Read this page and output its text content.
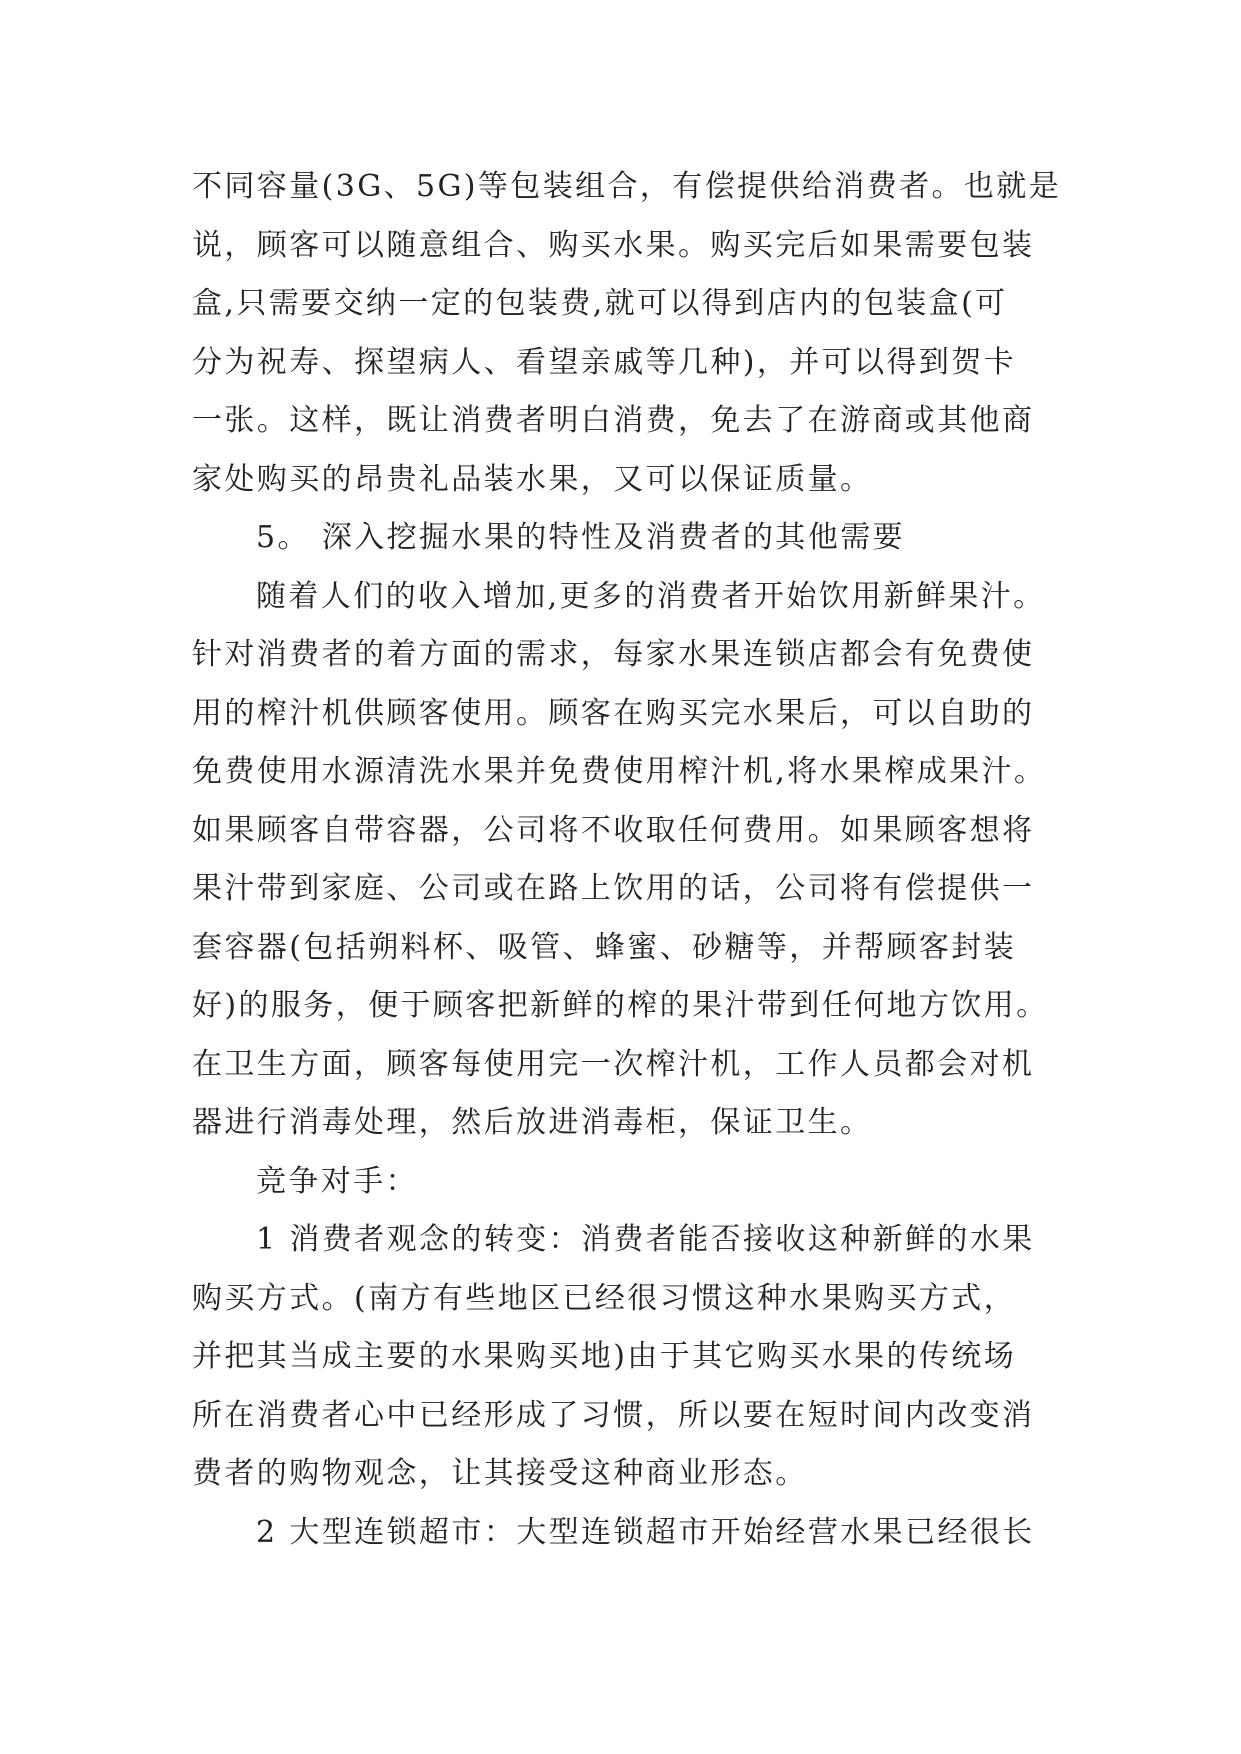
不同容量(3G、5G)等包装组合，有偿提供给消费者。也就是
说，顾客可以随意组合、购买水果。购买完后如果需要包装
盒,只需要交纳一定的包装费,就可以得到店内的包装盒(可
分为祝寿、探望病人、看望亲戚等几种)，并可以得到贺卡
一张。这样，既让消费者明白消费，免去了在游商或其他商
家处购买的昂贵礼品装水果，又可以保证质量。
5。 深入挖掘水果的特性及消费者的其他需要
随着人们的收入增加,更多的消费者开始饮用新鲜果汁。
针对消费者的着方面的需求，每家水果连锁店都会有免费使
用的榨汁机供顾客使用。顾客在购买完水果后，可以自助的
免费使用水源清洗水果并免费使用榨汁机,将水果榨成果汁。
如果顾客自带容器，公司将不收取任何费用。如果顾客想将
果汁带到家庭、公司或在路上饮用的话，公司将有偿提供一
套容器(包括朔料杯、吸管、蜂蜜、砂糖等，并帮顾客封装
好)的服务，便于顾客把新鲜的榨的果汁带到任何地方饮用。
在卫生方面，顾客每使用完一次榨汁机，工作人员都会对机
器进行消毒处理，然后放进消毒柜，保证卫生。
竞争对手：
1 消费者观念的转变：消费者能否接收这种新鲜的水果
购买方式。(南方有些地区已经很习惯这种水果购买方式，
并把其当成主要的水果购买地)由于其它购买水果的传统场
所在消费者心中已经形成了习惯，所以要在短时间内改变消
费者的购物观念，让其接受这种商业形态。
2 大型连锁超市：大型连锁超市开始经营水果已经很长
